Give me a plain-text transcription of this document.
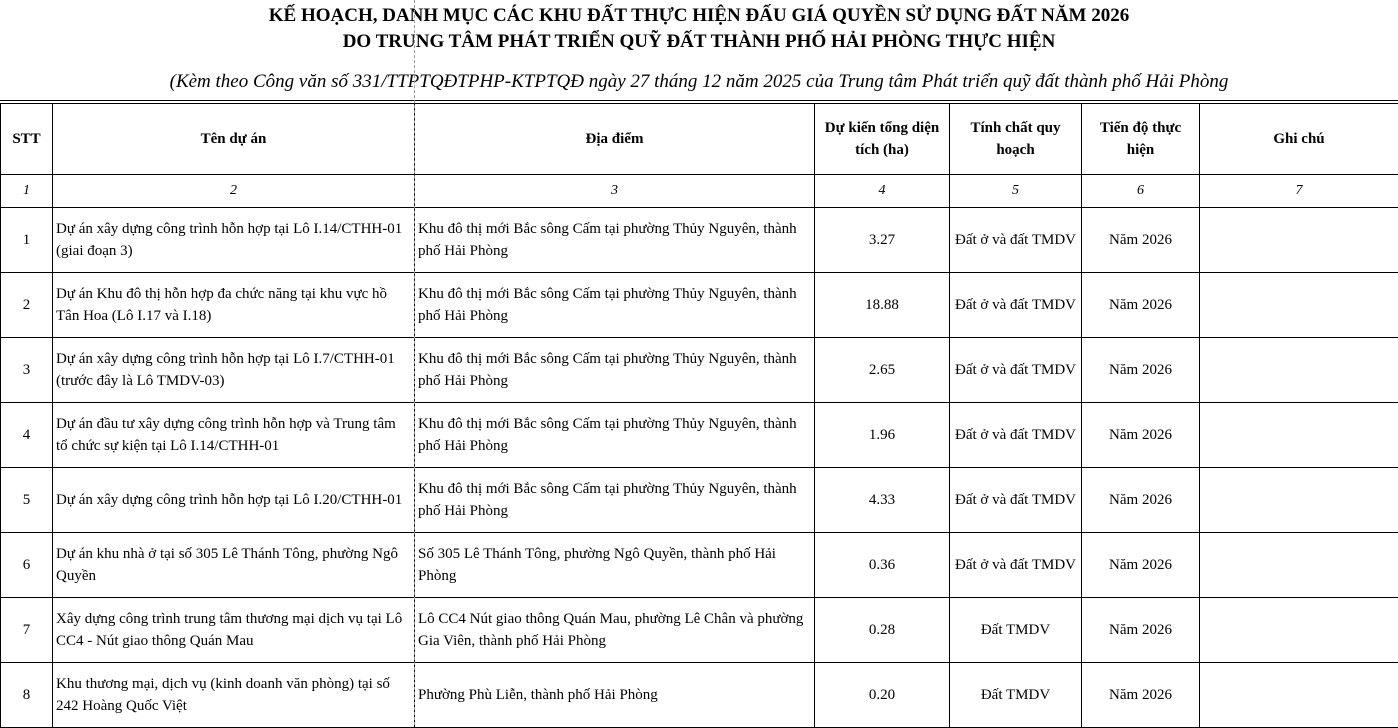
KẾ HOẠCH, DANH MỤC CÁC KHU ĐẤT THỰC HIỆN ĐẤU GIÁ QUYỀN SỬ DỤNG ĐẤT NĂM 2026
DO TRUNG TÂM PHÁT TRIỂN QUỸ ĐẤT THÀNH PHỐ HẢI PHÒNG THỰC HIỆN
(Kèm theo Công văn số 331/TTPTQĐTPHP-KTPTQĐ ngày 27 tháng 12 năm 2025 của Trung tâm Phát triển quỹ đất thành phố Hải Phòng
STT	Tên dự án	Địa điểm	Dự kiến tổng diện tích (ha)	Tính chất quy hoạch	Tiến độ thực hiện	Ghi chú
1	2	3	4	5	6	7
1	Dự án xây dựng công trình hỗn hợp tại Lô I.14/CTHH-01 (giai đoạn 3)	Khu đô thị mới Bắc sông Cấm tại phường Thủy Nguyên, thành phố Hải Phòng	3.27	Đất ở và đất TMDV	Năm 2026	
2	Dự án Khu đô thị hỗn hợp đa chức năng tại khu vực hồ Tân Hoa (Lô I.17 và I.18)	Khu đô thị mới Bắc sông Cấm tại phường Thủy Nguyên, thành phố Hải Phòng	18.88	Đất ở và đất TMDV	Năm 2026	
3	Dự án xây dựng công trình hỗn hợp tại Lô I.7/CTHH-01 (trước đây là Lô TMDV-03)	Khu đô thị mới Bắc sông Cấm tại phường Thủy Nguyên, thành phố Hải Phòng	2.65	Đất ở và đất TMDV	Năm 2026	
4	Dự án đầu tư xây dựng công trình hỗn hợp và Trung tâm tổ chức sự kiện tại Lô I.14/CTHH-01	Khu đô thị mới Bắc sông Cấm tại phường Thủy Nguyên, thành phố Hải Phòng	1.96	Đất ở và đất TMDV	Năm 2026	
5	Dự án xây dựng công trình hỗn hợp tại Lô I.20/CTHH-01	Khu đô thị mới Bắc sông Cấm tại phường Thủy Nguyên, thành phố Hải Phòng	4.33	Đất ở và đất TMDV	Năm 2026	
6	Dự án khu nhà ở tại số 305 Lê Thánh Tông, phường Ngô Quyền	Số 305 Lê Thánh Tông, phường Ngô Quyền, thành phố Hải Phòng	0.36	Đất ở và đất TMDV	Năm 2026	
7	Xây dựng công trình trung tâm thương mại dịch vụ tại Lô CC4 - Nút giao thông Quán Mau	Lô CC4 Nút giao thông Quán Mau, phường Lê Chân và phường Gia Viên, thành phố Hải Phòng	0.28	Đất TMDV	Năm 2026	
8	Khu thương mại, dịch vụ (kinh doanh văn phòng) tại số 242 Hoàng Quốc Việt	Phường Phù Liễn, thành phố Hải Phòng	0.20	Đất TMDV	Năm 2026	
